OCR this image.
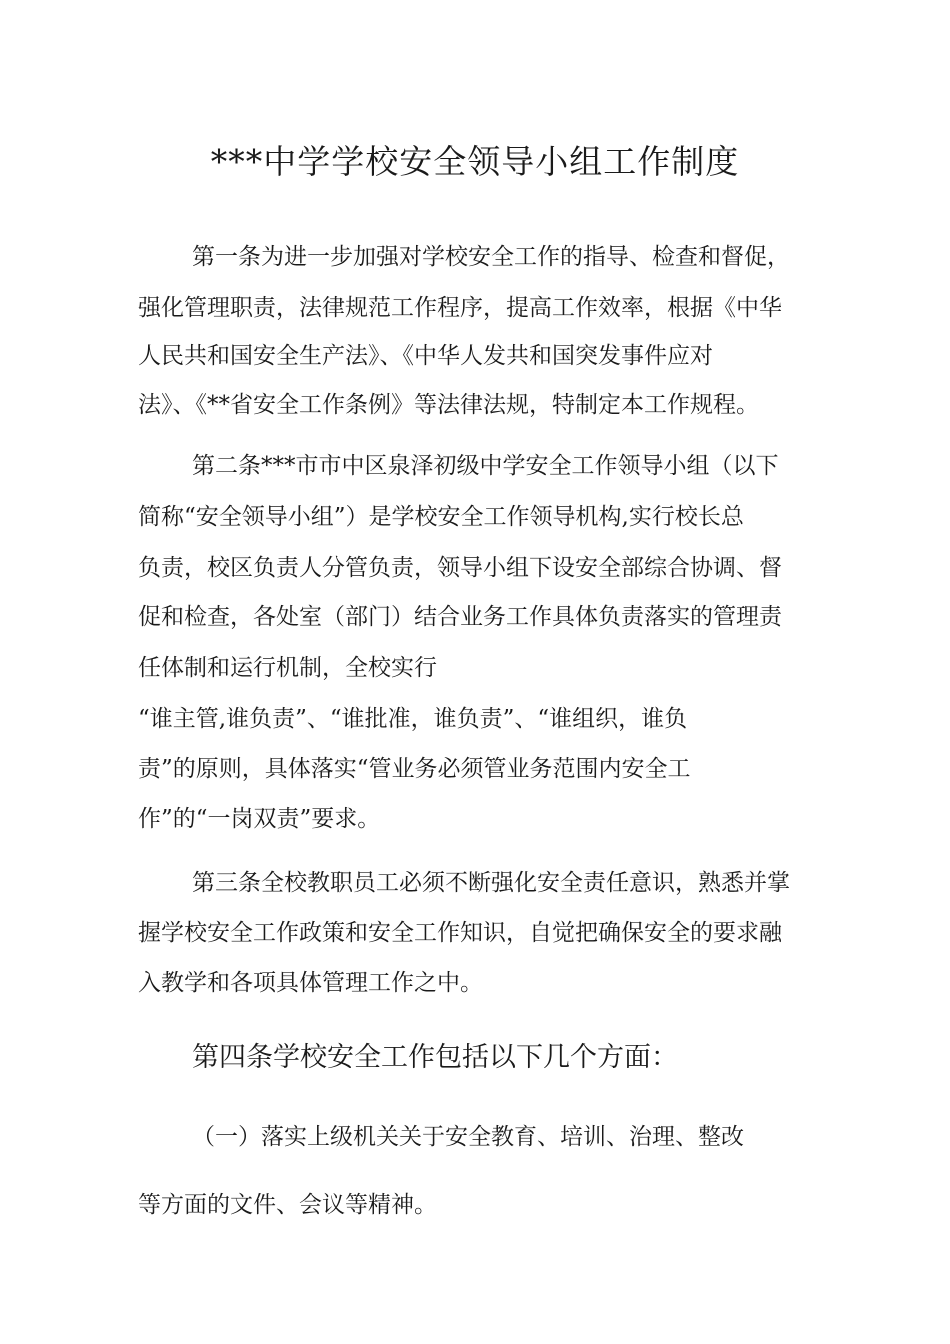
***中学学校安全领导小组工作制度
第一条为进一步加强对学校安全工作的指导、检查和督促，
强化管理职责，法律规范工作程序，提高工作效率，根据《中华
人民共和国安全生产法》、《中华人发共和国突发事件应对
法》、《**省安全工作条例》等法律法规，特制定本工作规程。
第二条***市市中区泉泽初级中学安全工作领导小组（以下
简称“安全领导小组”）是学校安全工作领导机构,实行校长总
负责，校区负责人分管负责，领导小组下设安全部综合协调、督
促和检查，各处室（部门）结合业务工作具体负责落实的管理责
任体制和运行机制，全校实行
“谁主管,谁负责”、“谁批准，谁负责”、“谁组织，谁负
责”的原则，具体落实“管业务必须管业务范围内安全工
作”的“一岗双责”要求。
第三条全校教职员工必须不断强化安全责任意识，熟悉并掌
握学校安全工作政策和安全工作知识，自觉把确保安全的要求融
入教学和各项具体管理工作之中。
第四条学校安全工作包括以下几个方面：
（一）落实上级机关关于安全教育、培训、治理、整改
等方面的文件、会议等精神。
